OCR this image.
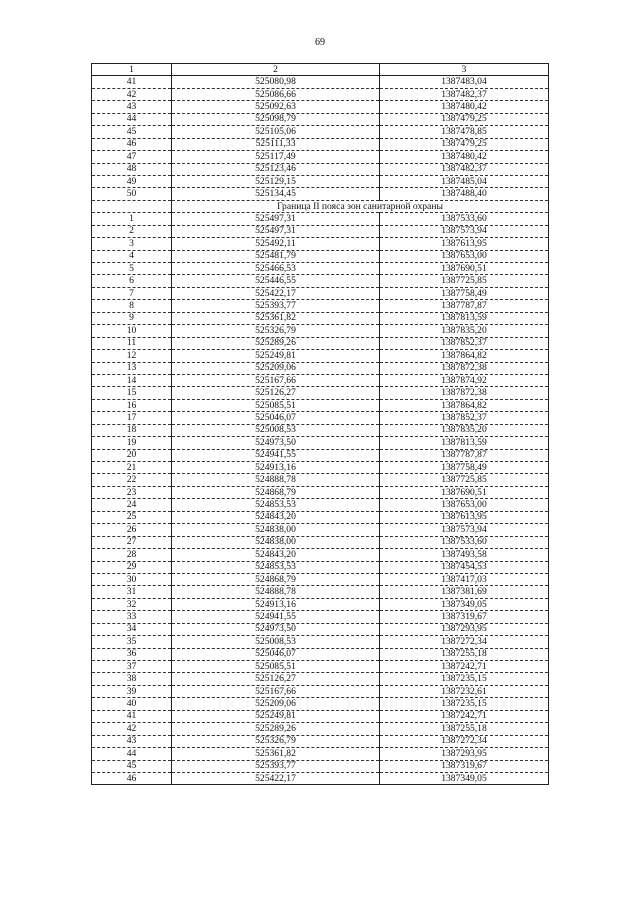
69
1	2	3
41	525080,98	1387483,04
42	525086,66	1387482,37
43	525092,63	1387480,42
44	525098,79	1387479,25
45	525105,06	1387478,85
46	525111,33	1387479,25
47	525117,49	1387480,42
48	525123,46	1387482,37
49	525129,15	1387485,04
50	525134,45	1387488,40
	Граница II пояса зон санитарной охраны	
1	525497,31	1387533,60
2	525497,31	1387573,94
3	525492,11	1387613,95
4	525481,79	1387653,00
5	525466,53	1387690,51
6	525446,55	1387725,85
7	525422,17	1387758,49
8	525393,77	1387787,87
9	525361,82	1387813,59
10	525326,79	1387835,20
11	525289,26	1387852,37
12	525249,81	1387864,82
13	525209,06	1387872,38
14	525167,66	1387874,92
15	525126,27	1387872,38
16	525085,51	1387864,82
17	525046,07	1387852,37
18	525008,53	1387835,20
19	524973,50	1387813,59
20	524941,55	1387787,87
21	524913,16	1387758,49
22	524888,78	1387725,85
23	524868,79	1387690,51
24	524853,53	1387653,00
25	524843,20	1387613,95
26	524838,00	1387573,94
27	524838,00	1387533,60
28	524843,20	1387493,58
29	524853,53	1387454,53
30	524868,79	1387417,03
31	524888,78	1387381,69
32	524913,16	1387349,05
33	524941,55	1387319,67
34	524973,50	1387293,95
35	525008,53	1387272,34
36	525046,07	1387255,18
37	525085,51	1387242,71
38	525126,27	1387235,15
39	525167,66	1387232,61
40	525209,06	1387235,15
41	525249,81	1387242,71
42	525289,26	1387255,18
43	525326,79	1387272,34
44	525361,82	1387293,95
45	525393,77	1387319,67
46	525422,17	1387349,05
